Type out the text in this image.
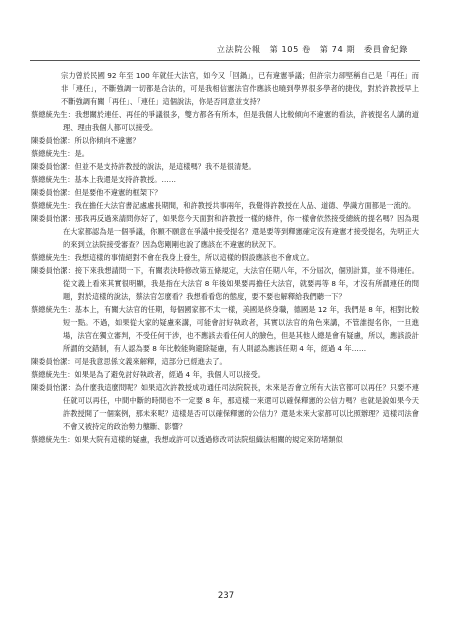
立法院公報　第 105 卷　第 74 期　委員會紀錄

宗力曾於民國 92 年至 100 年就任大法官，如今又「回鍋」，已有違憲爭議；但許宗力卻堅稱自己是「再任」而非「連任」，不斷強調一切都是合法的，可是我相信憲法官作應該也曉到學界很多學者的捷伐，對於許教授早上不斷強調有關「再任」、「連任」這個說法，你是否同意並支持？

蔡總統先生：我想關於連任、再任的爭議很多，雙方都各有所本，但是我個人比較傾向不違憲的看法，許被提名人講的道理、理由我個人都可以接受。

陳委員怡潔：所以你傾向不違憲？

蔡總統先生：是。

陳委員怡潔：但並不是支持許教授的說法，是這樣嗎？我不是很清楚。

蔡總統先生：基本上我還是支持許教授。……

陳委員怡潔：但是要他不違憲的框架下？

蔡總統先生：我在擔任大法官書記處處長期間，和許教授共事兩年，我覺得許教授在人品、道德、學識方面都是一流的。

陳委員怡潔：那我再反過來請問你好了，如果您今天面對和許教授一樣的條件，你一樣會依然接受總統的提名嗎？因為現在大家都認為是一個爭議，你願不願意在爭議中接受提名？還是要等到釋憲確定沒有違憲才接受提名，先明正大的來到立法院接受審查？因為您剛剛也說了應該在不違憲的狀況下。

蔡總統先生：我想這樣的事情絕對不會在我身上發生，所以這樣的假設應該也不會成立。

陳委員怡潔：接下來我想請問一下，有關表決時修改第五條規定，大法官任期八年，不分屆次，個別計算，並不得連任。從文義上看來其實很明顯，我是指在大法官 8 年後如果要再擔任大法官，就要再等 8 年，才沒有所謂連任的問題，對於這樣的說法，蔡法官怎麼看？我想看看您的態度，要不要也解釋給我們聽一下？

蔡總統先生：基本上，有關大法官的任期，每個國家都不太一樣，美國是終身職，德國是 12 年，我們是 8 年，相對比較短一點。不過，如果從大家的疑慮來講，可能會討好執政者，其實以法官的角色來講，不管誰提名你，一旦進場，法官在獨立審判，不受任何干涉，也不應該去看任何人的臉色，但是其他人總是會有疑慮，所以，應該設計所謂的交錯制，有人認為要 8 年比較能夠避除疑慮，有人則認為應該任期 4 年，經過 4 年……

陳委員怡潔：可是我意思係文義來解釋，這部分已經進去了。

蔡總統先生：如果是為了避免討好執政者，經過 4 年，我個人可以接受。

陳委員怡潔：為什麼我這麼問呢？如果這次許教授成功通任司法院院長，未來是否會立所有大法官都可以再任？只要不連任就可以再任，中間中斷的時間也不一定要 8 年，那這樣一來還可以確保釋憲的公信力嗎？也就是說如果今天許教授開了一個案例，那未來呢？這樣是否可以確保釋憲的公信力？還是未來大家都可以比照辦理？這樣司法會不會又被持定的政治勢力壟斷、影響？

蔡總統先生：如果大院有這樣的疑慮，我想或許可以透過修改司法院組織法相關的規定來防堵類似

237
